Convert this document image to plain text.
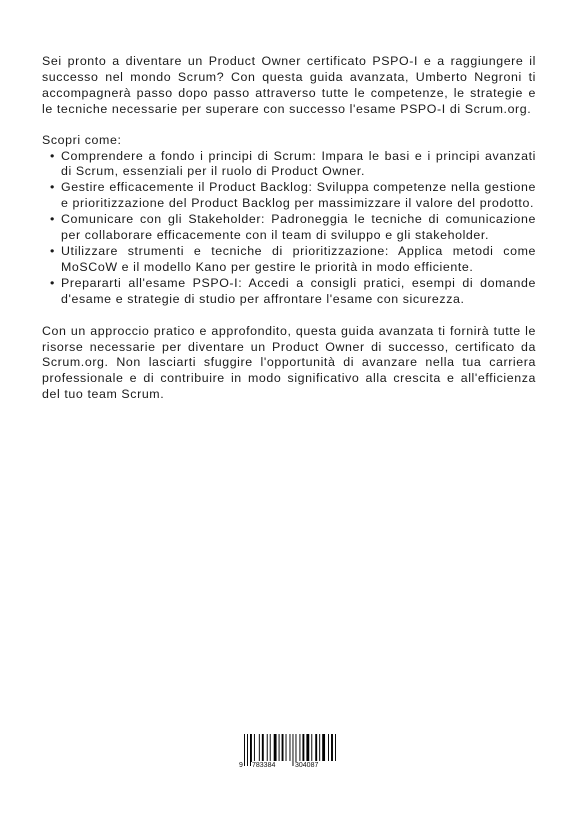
Sei pronto a diventare un Product Owner certificato PSPO-I e a raggiungere il successo nel mondo Scrum? Con questa guida avanzata, Umberto Negroni ti accompagnerà passo dopo passo attraverso tutte le competenze, le strategie e le tecniche necessarie per superare con successo l'esame PSPO-I di Scrum.org.

Scopri come:

• Comprendere a fondo i principi di Scrum: Impara le basi e i principi avanzati di Scrum, essenziali per il ruolo di Product Owner.
• Gestire efficacemente il Product Backlog: Sviluppa competenze nella gestione e prioritizzazione del Product Backlog per massimizzare il valore del prodotto.
• Comunicare con gli Stakeholder: Padroneggia le tecniche di comunicazione per collaborare efficacemente con il team di sviluppo e gli stakeholder.
• Utilizzare strumenti e tecniche di prioritizzazione: Applica metodi come MoSCoW e il modello Kano per gestire le priorità in modo efficiente.
• Prepararti all'esame PSPO-I: Accedi a consigli pratici, esempi di domande d'esame e strategie di studio per affrontare l'esame con sicurezza.

Con un approccio pratico e approfondito, questa guida avanzata ti fornirà tutte le risorse necessarie per diventare un Product Owner di successo, certificato da Scrum.org. Non lasciarti sfuggire l'opportunità di avanzare nella tua carriera professionale e di contribuire in modo significativo alla crescita e all'efficienza del tuo team Scrum.

9 783384	304087
